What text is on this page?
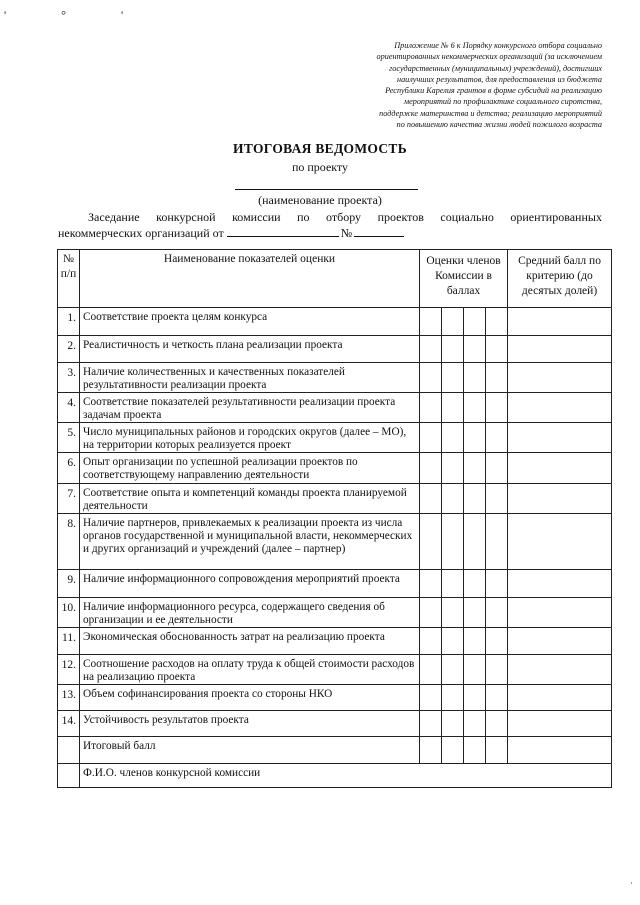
' ° '
Приложение № 6 к Порядку конкурсного отбора социально
ориентированных некоммерческих организаций (за исключением
государственных (муниципальных) учреждений), достигших
наилучших результатов, для предоставления из бюджета
Республики Карелия грантов в форме субсидий на реализацию
мероприятий по профилактике социального сиротства,
поддержке материнства и детства; реализацию мероприятий
по повышению качества жизни людей пожилого возраста
ИТОГОВАЯ ВЕДОМОСТЬ
по проекту
(наименование проекта)
Заседание конкурсной комиссии по отбору проектов социально ориентированных
некоммерческих организаций от	№
№ п/п	Наименование показателей оценки	Оценки членов Комиссии в баллах				Средний балл по критерию (до десятых долей)
1.	Соответствие проекта целям конкурса					
2.	Реалистичность и четкость плана реализации проекта					
3.	Наличие количественных и качественных показателей результативности реализации проекта					
4.	Соответствие показателей результативности реализации проекта задачам проекта					
5.	Число муниципальных районов и городских округов (далее – МО), на территории которых реализуется проект					
6.	Опыт организации по успешной реализации проектов по соответствующему направлению деятельности					
7.	Соответствие опыта и компетенций команды проекта планируемой деятельности					
8.	Наличие партнеров, привлекаемых к реализации проекта из числа органов государственной и муниципальной власти, некоммерческих и других организаций и учреждений (далее – партнер)					
9.	Наличие информационного сопровождения мероприятий проекта					
10.	Наличие информационного ресурса, содержащего сведения об организации и ее деятельности					
11.	Экономическая обоснованность затрат на реализацию проекта					
12.	Соотношение расходов на оплату труда к общей стоимости расходов на реализацию проекта					
13.	Объем софинансирования проекта со стороны НКО					
14.	Устойчивость результатов проекта					
	Итоговый балл					
	Ф.И.О. членов конкурсной комиссии					
·
